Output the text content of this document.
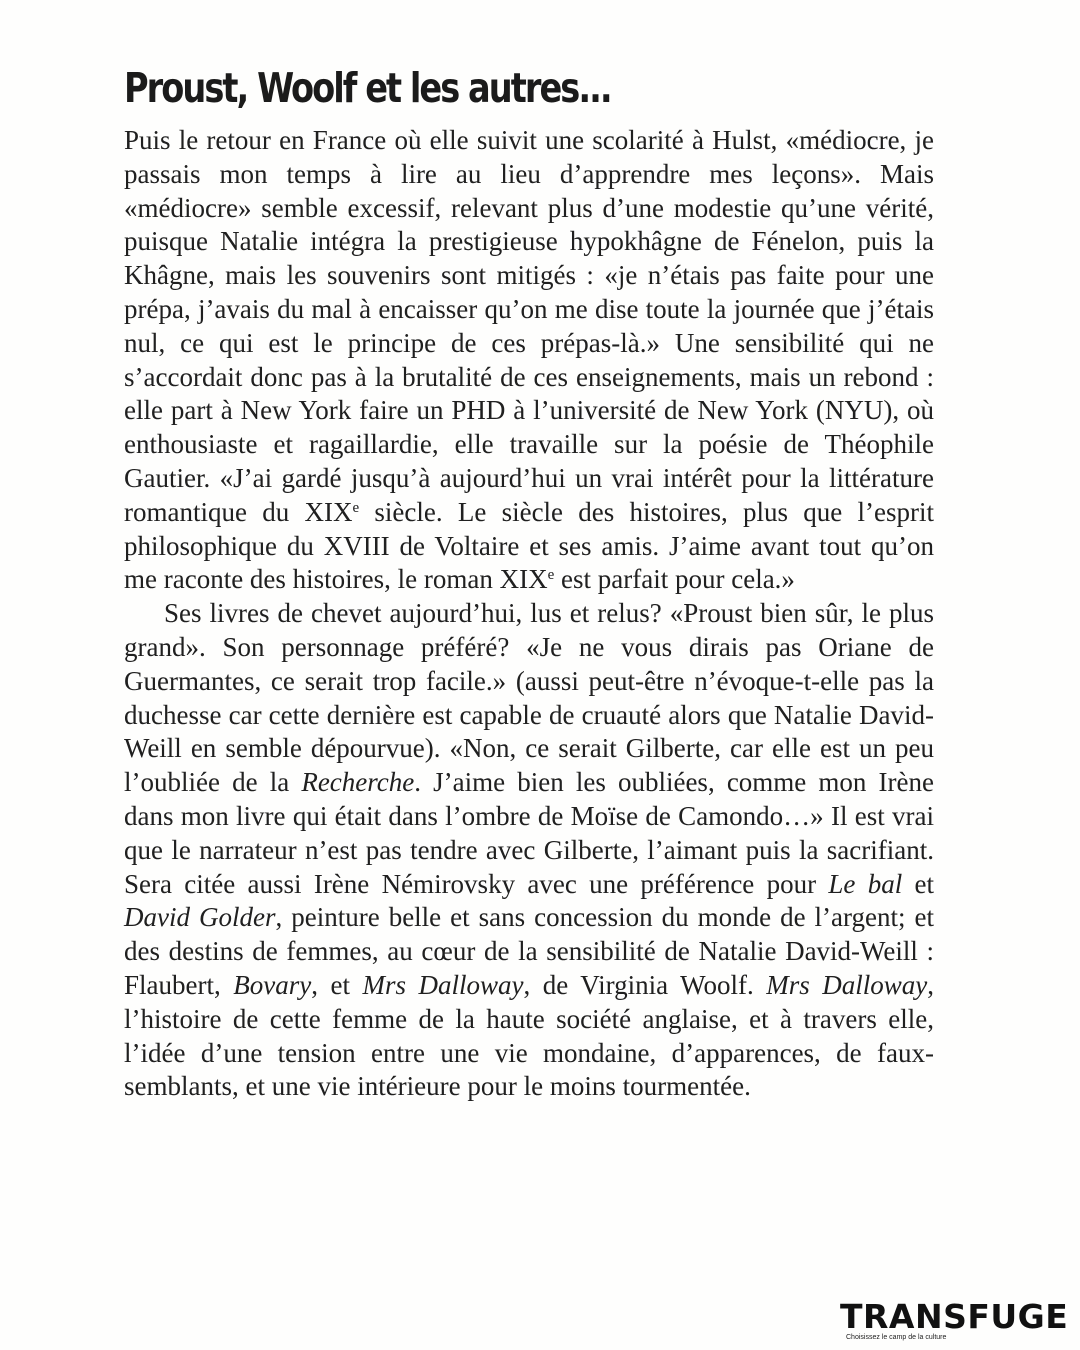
Proust, Woolf et les autres...

Puis le retour en France où elle suivit une scolarité à Hulst, «médiocre, je passais mon temps à lire au lieu d’apprendre mes leçons». Mais «médiocre» semble excessif, relevant plus d’une modestie qu’une vérité, puisque Natalie intégra la prestigieuse hypokhâgne de Fénelon, puis la Khâgne, mais les souvenirs sont mitigés : «je n’étais pas faite pour une prépa, j’avais du mal à encaisser qu’on me dise toute la journée que j’étais nul, ce qui est le principe de ces prépas-là.» Une sensibilité qui ne s’accordait donc pas à la brutalité de ces enseignements, mais un rebond : elle part à New York faire un PHD à l’université de New York (NYU), où enthousiaste et ragaillardie, elle travaille sur la poésie de Théophile Gautier. «J’ai gardé jusqu’à aujourd’hui un vrai intérêt pour la littérature romantique du XIXe siècle. Le siècle des histoires, plus que l’esprit philosophique du XVIII de Voltaire et ses amis. J’aime avant tout qu’on me raconte des histoires, le roman XIXe est parfait pour cela.»

Ses livres de chevet aujourd’hui, lus et relus? «Proust bien sûr, le plus grand». Son personnage préféré? «Je ne vous dirais pas Oriane de Guermantes, ce serait trop facile.» (aussi peut-être n’évoque-t-elle pas la duchesse car cette dernière est capable de cruauté alors que Natalie David-Weill en semble dépourvue). «Non, ce serait Gilberte, car elle est un peu l’oubliée de la Recherche. J’aime bien les oubliées, comme mon Irène dans mon livre qui était dans l’ombre de Moïse de Camondo…» Il est vrai que le narrateur n’est pas tendre avec Gilberte, l’aimant puis la sacrifiant. Sera citée aussi Irène Némirovsky avec une préférence pour Le bal et David Golder, peinture belle et sans concession du monde de l’argent; et des destins de femmes, au cœur de la sensibilité de Natalie David-Weill : Flaubert, Bovary, et Mrs Dalloway, de Virginia Woolf. Mrs Dalloway, l’histoire de cette femme de la haute société anglaise, et à travers elle, l’idée d’une tension entre une vie mondaine, d’apparences, de faux-semblants, et une vie intérieure pour le moins tourmentée.

TRANSFUGE
Choisissez le camp de la culture
